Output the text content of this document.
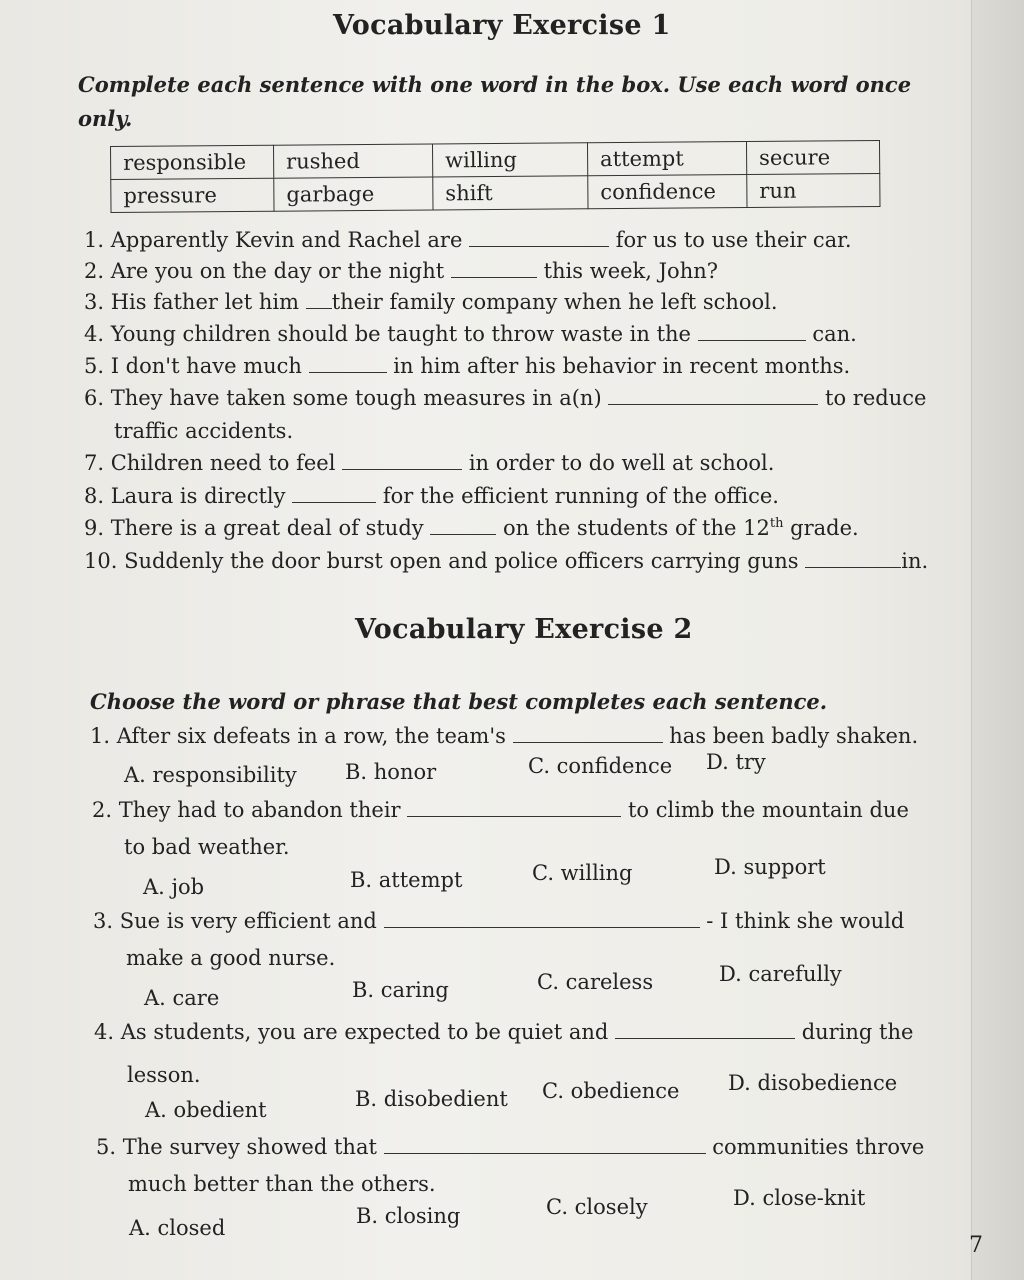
Vocabulary Exercise 1
Complete each sentence with one word in the box. Use each word once only.
responsible	rushed	willing	attempt	secure
pressure	garbage	shift	confidence	run
1. Apparently Kevin and Rachel are	for us to use their car.
2. Are you on the day or the night	this week, John?
3. His father let him their family company when he left school.
4. Young children should be taught to throw waste in the	can.
5. I don't have much	in him after his behavior in recent months.
6. They have taken some tough measures in a(n)	to reduce
traffic accidents.
7. Children need to feel	in order to do well at school.
8. Laura is directly	for the efficient running of the office.
9. There is a great deal of study	on the students of the 12th grade.
10. Suddenly the door burst open and police officers carrying guns	in.
Vocabulary Exercise 2
Choose the word or phrase that best completes each sentence.
1. After six defeats in a row, the team's	has been badly shaken.
A. responsibility B. honor	C. confidence D. try
2. They had to abandon their	to climb the mountain due
to bad weather.
A. job	B. attempt	C. willing	D. support
3. Sue is very efficient and	- I think she would
make a good nurse.
A. care	B. caring	C. careless	D. carefully
4. As students, you are expected to be quiet and	during the
lesson.
A. obedient	B. disobedient C. obedience D. disobedience
5. The survey showed that	communities throve
much better than the others.
A. closed	B. closing	C. closely	D. close-knit
7
